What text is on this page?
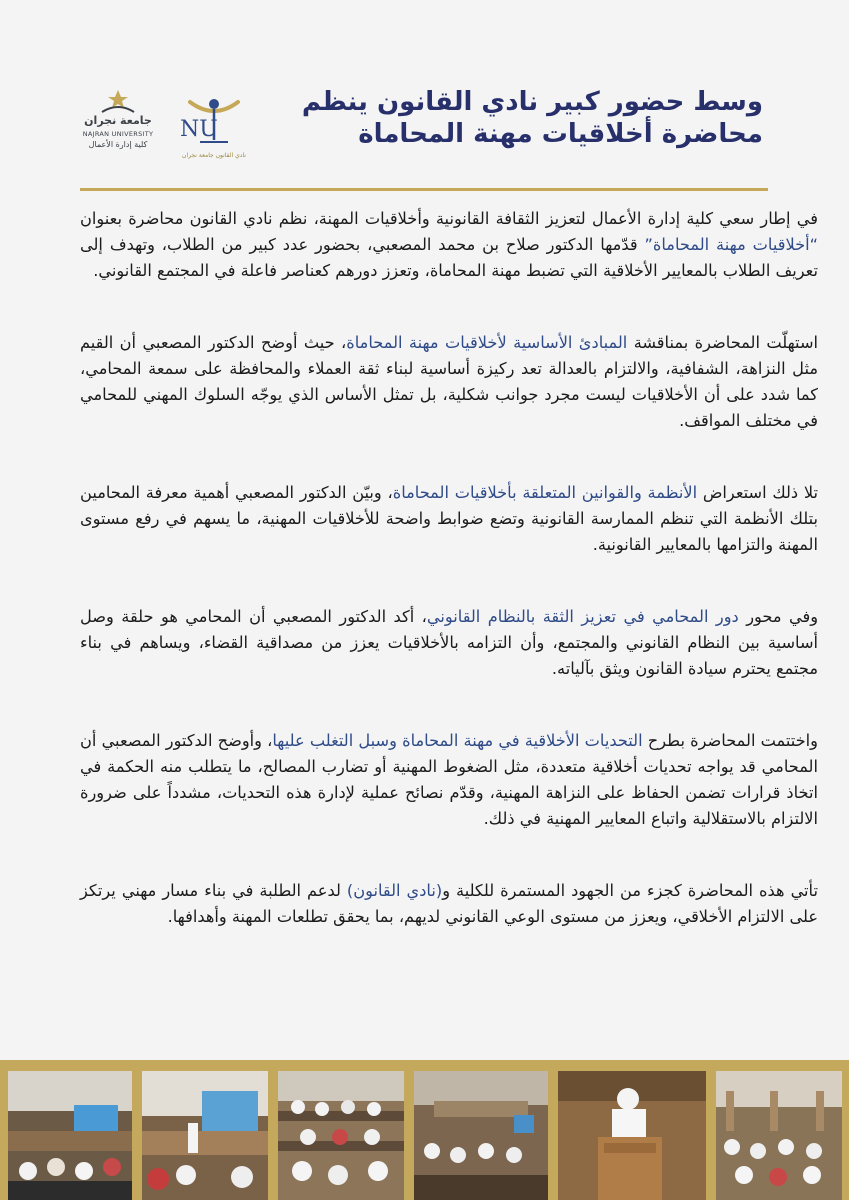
وسط حضور كبير نادي القانون ينظم
محاضرة أخلاقيات مهنة المحاماة
NU
نادي القانون جامعة نجران
جامعة نجران
NAJRAN UNIVERSITY
كلية إدارة الأعمال

في إطار سعي كلية إدارة الأعمال لتعزيز الثقافة القانونية وأخلاقيات المهنة، نظم نادي القانون محاضرة بعنوان “أخلاقيات مهنة المحاماة” قدّمها الدكتور صلاح بن محمد المصعبي، بحضور عدد كبير من الطلاب، وتهدف إلى تعريف الطلاب بالمعايير الأخلاقية التي تضبط مهنة المحاماة، وتعزز دورهم كعناصر فاعلة في المجتمع القانوني.

استهلّت المحاضرة بمناقشة المبادئ الأساسية لأخلاقيات مهنة المحاماة، حيث أوضح الدكتور المصعبي أن القيم مثل النزاهة، الشفافية، والالتزام بالعدالة تعد ركيزة أساسية لبناء ثقة العملاء والمحافظة على سمعة المحامي، كما شدد على أن الأخلاقيات ليست مجرد جوانب شكلية، بل تمثل الأساس الذي يوجّه السلوك المهني للمحامي في مختلف المواقف.

تلا ذلك استعراض الأنظمة والقوانين المتعلقة بأخلاقيات المحاماة، وبيّن الدكتور المصعبي أهمية معرفة المحامين بتلك الأنظمة التي تنظم الممارسة القانونية وتضع ضوابط واضحة للأخلاقيات المهنية، ما يسهم في رفع مستوى المهنة والتزامها بالمعايير القانونية.

وفي محور دور المحامي في تعزيز الثقة بالنظام القانوني، أكد الدكتور المصعبي أن المحامي هو حلقة وصل أساسية بين النظام القانوني والمجتمع، وأن التزامه بالأخلاقيات يعزز من مصداقية القضاء، ويساهم في بناء مجتمع يحترم سيادة القانون ويثق بآلياته.

واختتمت المحاضرة بطرح التحديات الأخلاقية في مهنة المحاماة وسبل التغلب عليها، وأوضح الدكتور المصعبي أن المحامي قد يواجه تحديات أخلاقية متعددة، مثل الضغوط المهنية أو تضارب المصالح، ما يتطلب منه الحكمة في اتخاذ قرارات تضمن الحفاظ على النزاهة المهنية، وقدّم نصائح عملية لإدارة هذه التحديات، مشدداً على ضرورة الالتزام بالاستقلالية واتباع المعايير المهنية في ذلك.

تأتي هذه المحاضرة كجزء من الجهود المستمرة للكلية و(نادي القانون) لدعم الطلبة في بناء مسار مهني يرتكز على الالتزام الأخلاقي، ويعزز من مستوى الوعي القانوني لديهم، بما يحقق تطلعات المهنة وأهدافها.
